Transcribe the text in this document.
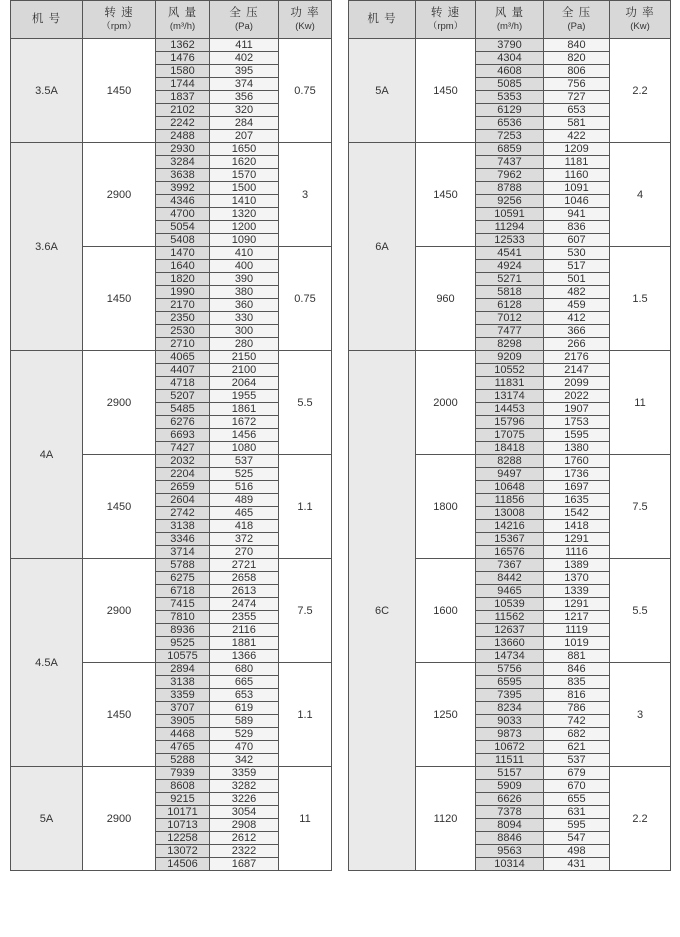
机 号	转 速
（rpm）	风 量
(m³/h)	全 压
(Pa)	功 率
(Kw)

3.5A	1450	1362	411	0.75
		1476	402	
		1580	395	
		1744	374	
		1837	356	
		2102	320	
		2242	284	
		2488	207	
3.6A	2900	2930	1650	3
		3284	1620	
		3638	1570	
		3992	1500	
		4346	1410	
		4700	1320	
		5054	1200	
		5408	1090	
	1450	1470	410	0.75
		1640	400	
		1820	390	
		1990	380	
		2170	360	
		2350	330	
		2530	300	
		2710	280	
4A	2900	4065	2150	5.5
		4407	2100	
		4718	2064	
		5207	1955	
		5485	1861	
		6276	1672	
		6693	1456	
		7427	1080	
	1450	2032	537	1.1
		2204	525	
		2659	516	
		2604	489	
		2742	465	
		3138	418	
		3346	372	
		3714	270	
4.5A	2900	5788	2721	7.5
		6275	2658	
		6718	2613	
		7415	2474	
		7810	2355	
		8936	2116	
		9525	1881	
		10575	1366	
	1450	2894	680	1.1
		3138	665	
		3359	653	
		3707	619	
		3905	589	
		4468	529	
		4765	470	
		5288	342	
5A	2900	7939	3359	11
		8608	3282	
		9215	3226	
		10171	3054	
		10713	2908	
		12258	2612	
		13072	2322	
		14506	1687	
机 号	转 速
（rpm）	风 量
(m³/h)	全 压
(Pa)	功 率
(Kw)

5A	1450	3790	840	2.2
		4304	820	
		4608	806	
		5085	756	
		5353	727	
		6129	653	
		6536	581	
		7253	422	
6A	1450	6859	1209	4
		7437	1181	
		7962	1160	
		8788	1091	
		9256	1046	
		10591	941	
		11294	836	
		12533	607	
	960	4541	530	1.5
		4924	517	
		5271	501	
		5818	482	
		6128	459	
		7012	412	
		7477	366	
		8298	266	
6C	2000	9209	2176	11
		10552	2147	
		11831	2099	
		13174	2022	
		14453	1907	
		15796	1753	
		17075	1595	
		18418	1380	
	1800	8288	1760	7.5
		9497	1736	
		10648	1697	
		11856	1635	
		13008	1542	
		14216	1418	
		15367	1291	
		16576	1116	
	1600	7367	1389	5.5
		8442	1370	
		9465	1339	
		10539	1291	
		11562	1217	
		12637	1119	
		13660	1019	
		14734	881	
	1250	5756	846	3
		6595	835	
		7395	816	
		8234	786	
		9033	742	
		9873	682	
		10672	621	
		11511	537	
	1120	5157	679	2.2
		5909	670	
		6626	655	
		7378	631	
		8094	595	
		8846	547	
		9563	498	
		10314	431	
